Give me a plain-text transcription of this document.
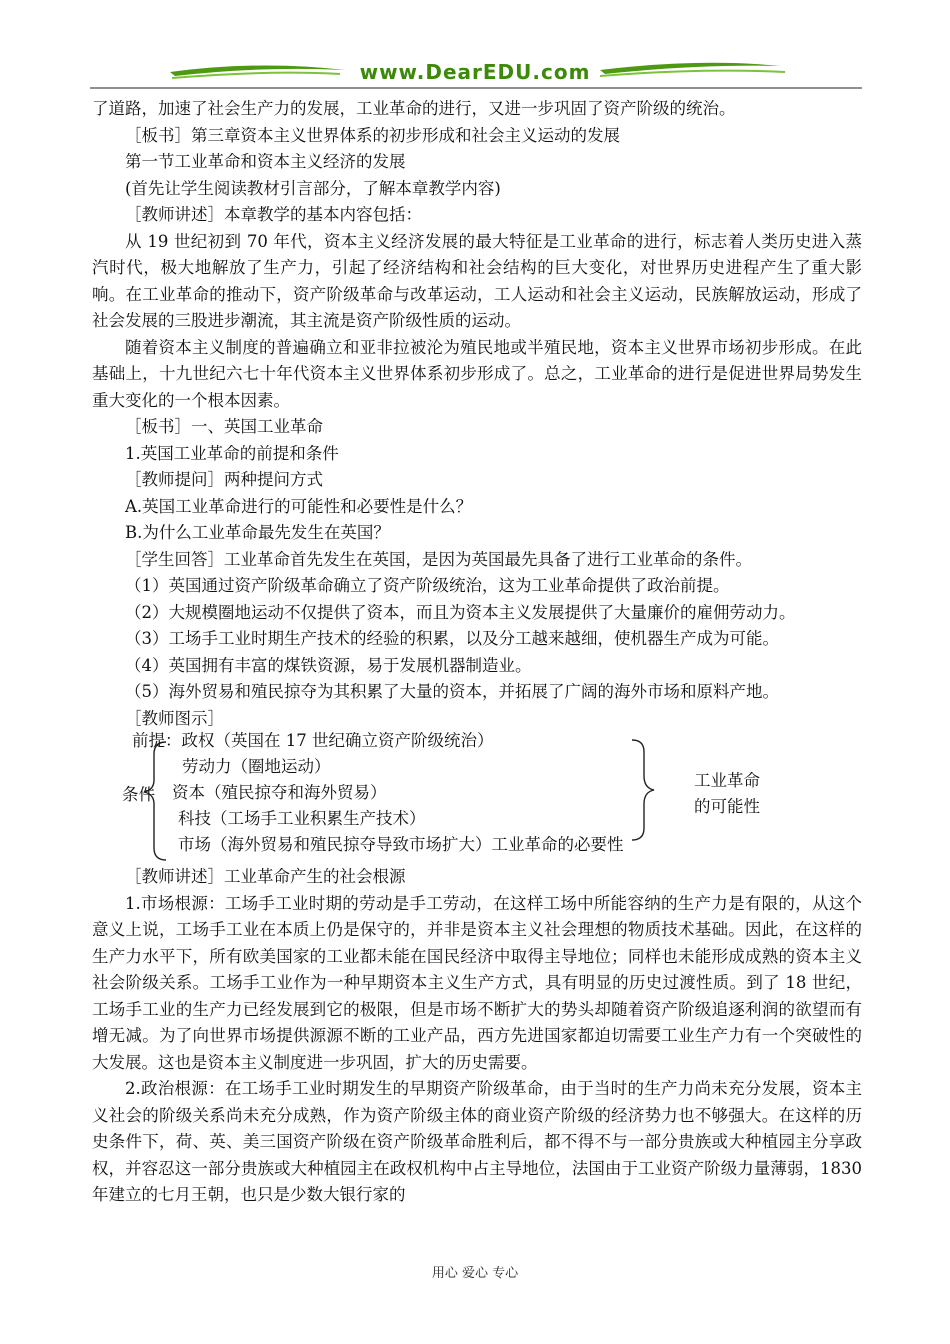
www.DearEDU.com

了道路，加速了社会生产力的发展，工业革命的进行，又进一步巩固了资产阶级的统治。

［板书］第三章资本主义世界体系的初步形成和社会主义运动的发展

第一节工业革命和资本主义经济的发展

(首先让学生阅读教材引言部分，了解本章教学内容)

［教师讲述］本章教学的基本内容包括：

从 19 世纪初到 70 年代，资本主义经济发展的最大特征是工业革命的进行，标志着人类历史进入蒸汽时代，极大地解放了生产力，引起了经济结构和社会结构的巨大变化，对世界历史进程产生了重大影响。在工业革命的推动下，资产阶级革命与改革运动，工人运动和社会主义运动，民族解放运动，形成了社会发展的三股进步潮流，其主流是资产阶级性质的运动。

随着资本主义制度的普遍确立和亚非拉被沦为殖民地或半殖民地，资本主义世界市场初步形成。在此基础上，十九世纪六七十年代资本主义世界体系初步形成了。总之，工业革命的进行是促进世界局势发生重大变化的一个根本因素。

［板书］一、英国工业革命

1.英国工业革命的前提和条件

［教师提问］两种提问方式

A.英国工业革命进行的可能性和必要性是什么？

B.为什么工业革命最先发生在英国？

［学生回答］工业革命首先发生在英国，是因为英国最先具备了进行工业革命的条件。

（1）英国通过资产阶级革命确立了资产阶级统治，这为工业革命提供了政治前提。

（2）大规模圈地运动不仅提供了资本，而且为资本主义发展提供了大量廉价的雇佣劳动力。

（3）工场手工业时期生产技术的经验的积累，以及分工越来越细，使机器生产成为可能。

（4）英国拥有丰富的煤铁资源，易于发展机器制造业。

（5）海外贸易和殖民掠夺为其积累了大量的资本，并拓展了广阔的海外市场和原料产地。

［教师图示］

前提：政权（英国在 17 世纪确立资产阶级统治）
条件
劳动力（圈地运动）
资本（殖民掠夺和海外贸易）
科技（工场手工业积累生产技术）
市场（海外贸易和殖民掠夺导致市场扩大）工业革命的必要性
工业革命
的可能性

［教师讲述］工业革命产生的社会根源

1.市场根源：工场手工业时期的劳动是手工劳动，在这样工场中所能容纳的生产力是有限的，从这个意义上说，工场手工业在本质上仍是保守的，并非是资本主义社会理想的物质技术基础。因此，在这样的生产力水平下，所有欧美国家的工业都未能在国民经济中取得主导地位；同样也未能形成成熟的资本主义社会阶级关系。工场手工业作为一种早期资本主义生产方式，具有明显的历史过渡性质。到了 18 世纪，工场手工业的生产力已经发展到它的极限，但是市场不断扩大的势头却随着资产阶级追逐利润的欲望而有增无减。为了向世界市场提供源源不断的工业产品，西方先进国家都迫切需要工业生产力有一个突破性的大发展。这也是资本主义制度进一步巩固，扩大的历史需要。

2.政治根源：在工场手工业时期发生的早期资产阶级革命，由于当时的生产力尚未充分发展，资本主义社会的阶级关系尚未充分成熟，作为资产阶级主体的商业资产阶级的经济势力也不够强大。在这样的历史条件下，荷、英、美三国资产阶级在资产阶级革命胜利后，都不得不与一部分贵族或大种植园主分享政权，并容忍这一部分贵族或大种植园主在政权机构中占主导地位，法国由于工业资产阶级力量薄弱，1830 年建立的七月王朝，也只是少数大银行家的

用心 爱心 专心
